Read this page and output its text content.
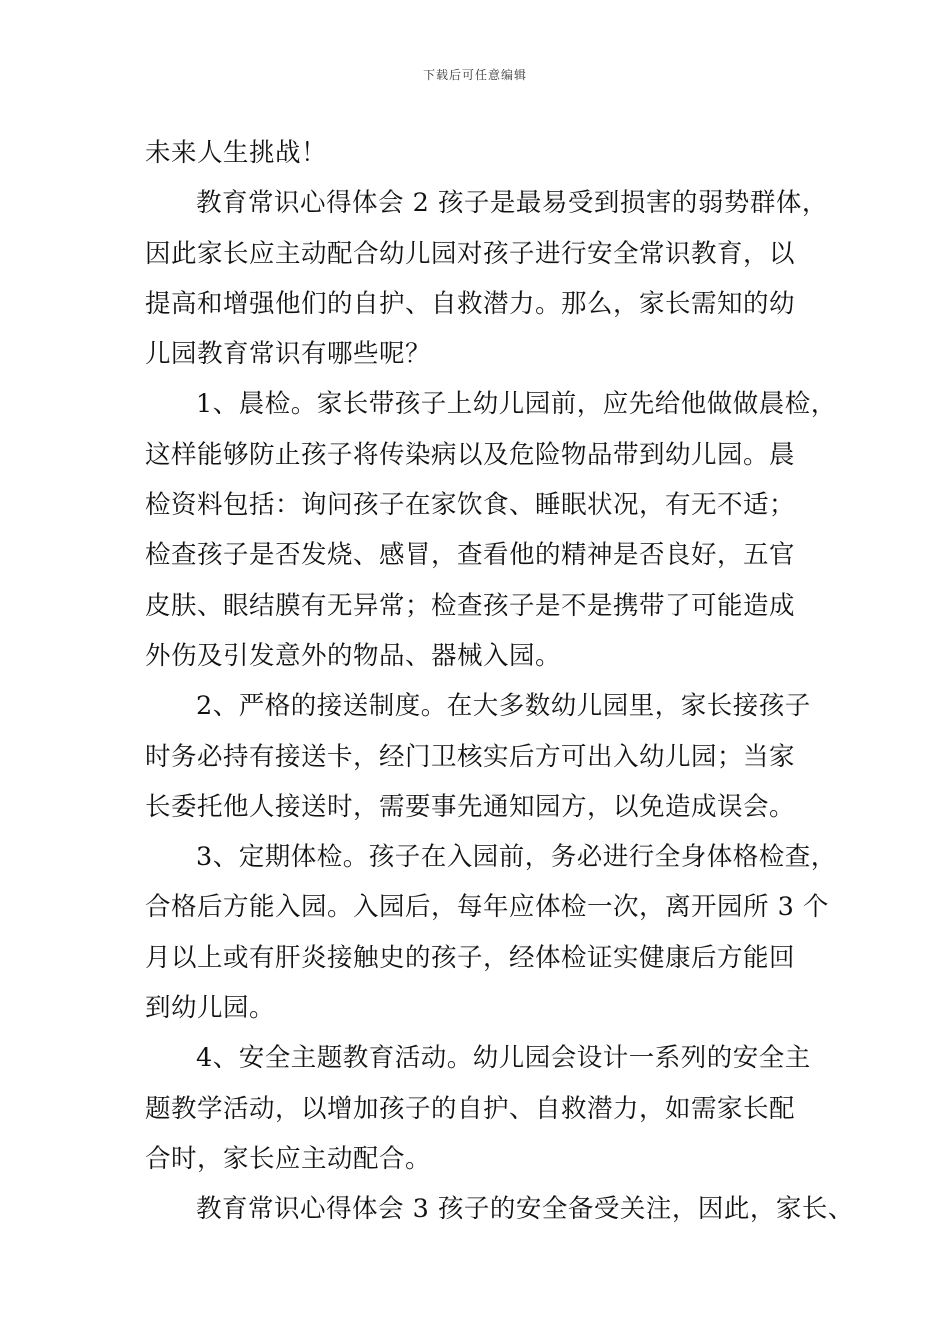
下载后可任意编辑
未来人生挑战！
教育常识心得体会 2 孩子是最易受到损害的弱势群体，
因此家长应主动配合幼儿园对孩子进行安全常识教育，以
提高和增强他们的自护、自救潜力。那么，家长需知的幼
儿园教育常识有哪些呢？
1、晨检。家长带孩子上幼儿园前，应先给他做做晨检，
这样能够防止孩子将传染病以及危险物品带到幼儿园。晨
检资料包括：询问孩子在家饮食、睡眠状况，有无不适；
检查孩子是否发烧、感冒，查看他的精神是否良好，五官
皮肤、眼结膜有无异常；检查孩子是不是携带了可能造成
外伤及引发意外的物品、器械入园。
2、严格的接送制度。在大多数幼儿园里，家长接孩子
时务必持有接送卡，经门卫核实后方可出入幼儿园；当家
长委托他人接送时，需要事先通知园方，以免造成误会。
3、定期体检。孩子在入园前，务必进行全身体格检查，
合格后方能入园。入园后，每年应体检一次，离开园所 3 个
月以上或有肝炎接触史的孩子，经体检证实健康后方能回
到幼儿园。
4、安全主题教育活动。幼儿园会设计一系列的安全主
题教学活动，以增加孩子的自护、自救潜力，如需家长配
合时，家长应主动配合。
教育常识心得体会 3 孩子的安全备受关注，因此，家长、
